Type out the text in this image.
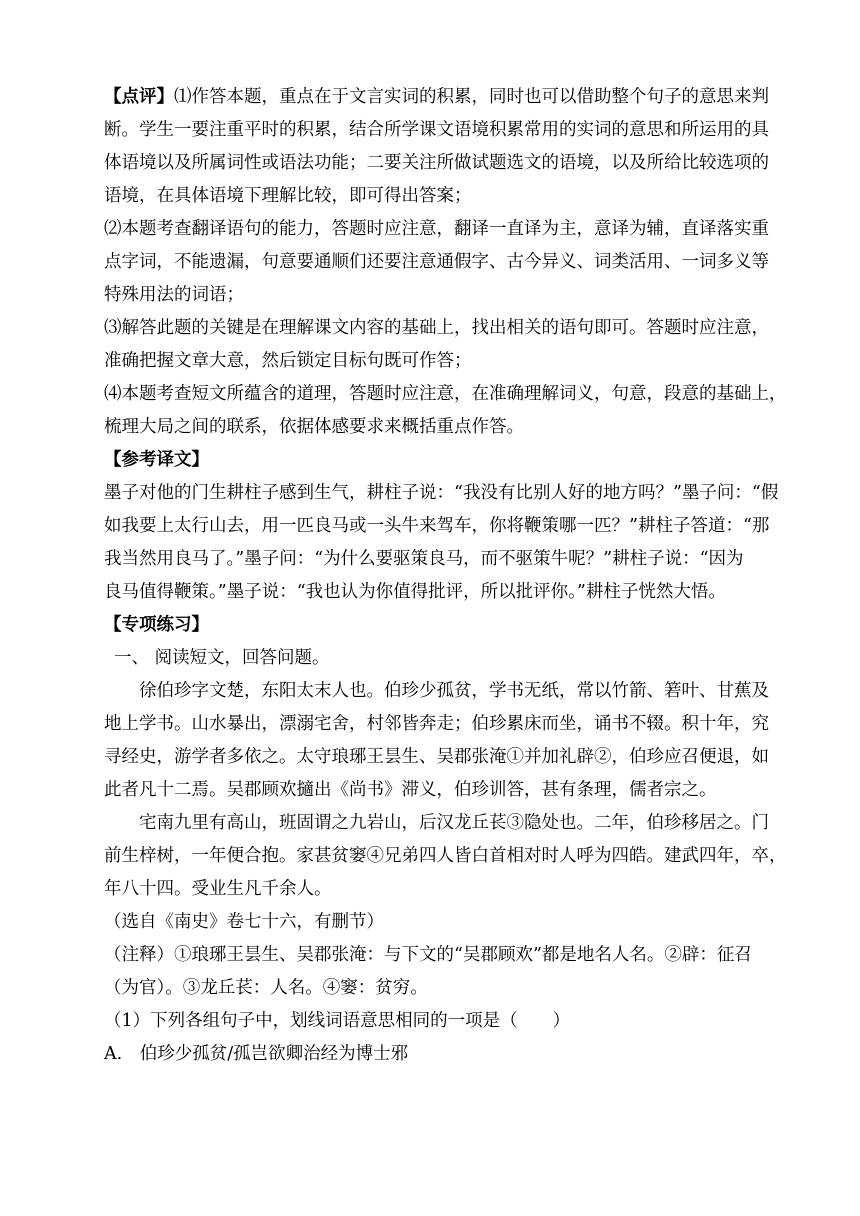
【点评】⑴作答本题，重点在于文言实词的积累，同时也可以借助整个句子的意思来判
断。学生一要注重平时的积累，结合所学课文语境积累常用的实词的意思和所运用的具
体语境以及所属词性或语法功能；二要关注所做试题选文的语境，以及所给比较选项的
语境，在具体语境下理解比较，即可得出答案；
⑵本题考查翻译语句的能力，答题时应注意，翻译一直译为主，意译为辅，直译落实重
点字词，不能遗漏，句意要通顺们还要注意通假字、古今异义、词类活用、一词多义等
特殊用法的词语；
⑶解答此题的关键是在理解课文内容的基础上，找出相关的语句即可。答题时应注意，
准确把握文章大意，然后锁定目标句既可作答；
⑷本题考查短文所蕴含的道理，答题时应注意，在准确理解词义，句意，段意的基础上，
梳理大局之间的联系，依据体感要求来概括重点作答。
【参考译文】
墨子对他的门生耕柱子感到生气，耕柱子说：“我没有比别人好的地方吗？”墨子问：“假
如我要上太行山去，用一匹良马或一头牛来驾车，你将鞭策哪一匹？”耕柱子答道：“那
我当然用良马了。”墨子问：“为什么要驱策良马，而不驱策牛呢？”耕柱子说：“因为
良马值得鞭策。”墨子说：“我也认为你值得批评，所以批评你。”耕柱子恍然大悟。
【专项练习】
一、 阅读短文，回答问题。
徐伯珍字文楚，东阳太末人也。伯珍少孤贫，学书无纸，常以竹箭、箬叶、甘蕉及
地上学书。山水暴出，漂溺宅舍，村邻皆奔走；伯珍累床而坐，诵书不辍。积十年，究
寻经史，游学者多依之。太守琅琊王昙生、吴郡张淹①并加礼辟②，伯珍应召便退，如
此者凡十二焉。吴郡顾欢擿出《尚书》滞义，伯珍训答，甚有条理，儒者宗之。
宅南九里有高山，班固谓之九岩山，后汉龙丘苌③隐处也。二年，伯珍移居之。门
前生梓树，一年便合抱。家甚贫窭④兄弟四人皆白首相对时人呼为四皓。建武四年，卒，
年八十四。受业生凡千余人。
（选自《南史》卷七十六，有删节）
（注释）①琅琊王昙生、吴郡张淹：与下文的“吴郡顾欢”都是地名人名。②辟：征召
（为官）。③龙丘苌：人名。④窭：贫穷。
（1）下列各组句子中，划线词语意思相同的一项是（　　）
A.　伯珍少孤贫/孤岂欲卿治经为博士邪
